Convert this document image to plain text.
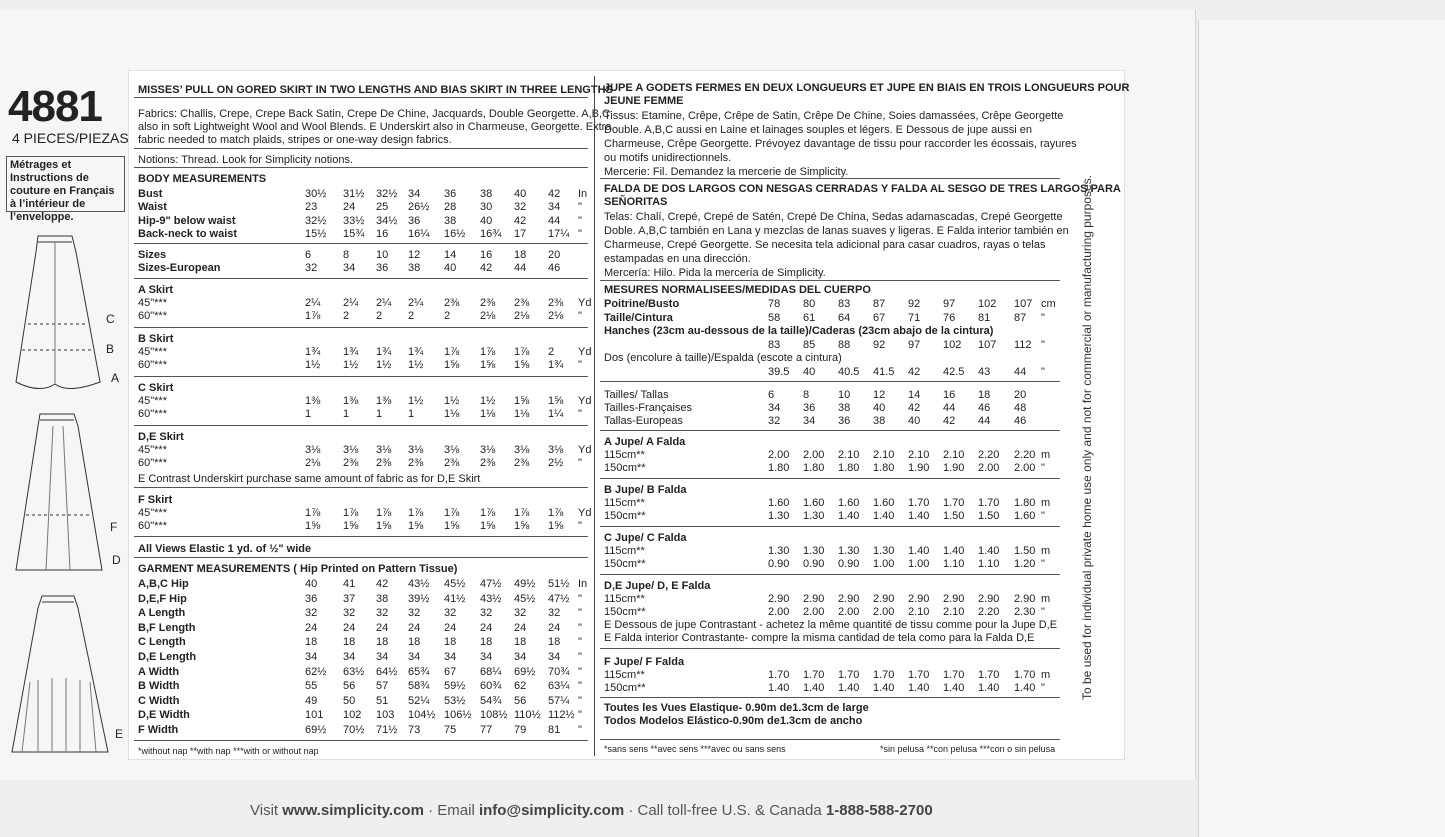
4881
4 PIECES/PIEZAS
Métrages et Instructions de couture en Français à l’intérieur de l’enveloppe.
C
B
A
F
D
E
MISSES’ PULL ON GORED SKIRT IN TWO LENGTHS AND BIAS SKIRT IN THREE LENGTHS
Fabrics: Challis, Crepe, Crepe Back Satin, Crepe De Chine, Jacquards, Double Georgette. A,B,C
also in soft Lightweight Wool and Wool Blends. E Underskirt also in Charmeuse, Georgette. Extra
fabric needed to match plaids, stripes or one-way design fabrics.
Notions: Thread. Look for Simplicity notions.
BODY MEASUREMENTS
E Contrast Underskirt purchase same amount of fabric as for D,E Skirt
All Views Elastic 1 yd. of ½" wide
GARMENT MEASUREMENTS ( Hip Printed on Pattern Tissue)
*without nap **with nap ***with or without nap
JUPE A GODETS FERMES EN DEUX LONGUEURS ET JUPE EN BIAIS EN TROIS LONGUEURS POUR
JEUNE FEMME
Tissus: Etamine, Crêpe, Crêpe de Satin, Crêpe De Chine, Soies damassées, Crêpe Georgette
Double. A,B,C aussi en Laine et lainages souples et légers. E Dessous de jupe aussi en
Charmeuse, Crêpe Georgette. Prévoyez davantage de tissu pour raccorder les écossais, rayures
ou motifs unidirectionnels.
Mercerie: Fil. Demandez la mercerie de Simplicity.
FALDA DE DOS LARGOS CON NESGAS CERRADAS Y FALDA AL SESGO DE TRES LARGOS PARA
SEÑORITAS
Telas: Chalí, Crepé, Crepé de Satén, Crepé De China, Sedas adamascadas, Crepé Georgette
Doble. A,B,C también en Lana y mezclas de lanas suaves y ligeras. E Falda interior también en
Charmeuse, Crepé Georgette. Se necesita tela adicional para casar cuadros, rayas o telas
estampadas en una dirección.
Mercería: Hilo. Pida la mercería de Simplicity.
MESURES NORMALISEES/MEDIDAS DEL CUERPO
E Dessous de jupe Contrastant - achetez la même quantité de tissu comme pour la Jupe D,E
E Falda interior Contrastante- compre la misma cantidad de tela como para la Falda D,E
Toutes les Vues Elastique- 0.90m de1.3cm de large
Todos Modelos Elástico-0.90m de1.3cm de ancho
*sans sens **avec sens ***avec ou sans sens	*sin pelusa **con pelusa ***con o sin pelusa
Bust	30½ 31½ 32½ 34 36 38 40 42 In
Waist	23 24 25 26½ 28 30 32 34 "
Hip-9" below waist	32½ 33½ 34½ 36 38 40 42 44 "
Back-neck to waist	15½ 15¾ 16 16¼ 16½ 16¾ 17 17¼ "
Sizes	6	8 10 12 14 16 18 20
Sizes-European	32 34 36 38 40 42 44 46
A Skirt
45"***	2¼ 2¼ 2¼ 2¼ 2⅜ 2⅜ 2⅜ 2⅜ Yd
60"***	1⅞ 2 2 2	2	2⅛ 2⅛ 2⅛ "
B Skirt
45"***	1¾ 1¾ 1¾ 1¾ 1⅞ 1⅞ 1⅞ 2 Yd
60"***	1½ 1½ 1½ 1½ 1⅝ 1⅝ 1⅝ 1¾ "
C Skirt
45"***	1⅜ 1⅜ 1⅜ 1½ 1½ 1½ 1⅝ 1⅝ Yd
60"***	1	1 1 1	1⅛ 1⅛ 1⅛ 1¼ "
D,E Skirt
45"***	3⅛ 3⅛ 3⅛ 3⅛ 3⅛ 3⅛ 3⅛ 3⅛ Yd
60"***	2⅛ 2⅜ 2⅜ 2⅜ 2⅜ 2⅜ 2⅜ 2½ "
F Skirt
45"***	1⅞ 1⅞ 1⅞ 1⅞ 1⅞ 1⅞ 1⅞ 1⅞ Yd
60"***	1⅝ 1⅝ 1⅝ 1⅝ 1⅝ 1⅝ 1⅝ 1⅝ "
A,B,C Hip	40 41 42 43½ 45½ 47½ 49½ 51½ In
D,E,F Hip	36 37 38 39½ 41½ 43½ 45½ 47½ "
A Length	32 32 32 32 32 32 32 32 "
B,F Length	24 24 24 24 24 24 24 24 "
C Length	18 18 18 18 18 18 18 18 "
D,E Length	34 34 34 34 34 34 34 34 "
A Width	62½ 63½ 64½ 65¾ 67 68¼ 69½ 70¾ "
B Width	55 56 57 58¾ 59½ 60¾ 62 63¼ "
C Width	49 50 51 52¼ 53½ 54¾ 56 57¼ "
D,E Width	101 102 103 104½ 106½ 108½ 110½ 112½ "
F Width	69½ 70½ 71½ 73 75 77 79 81 "
Poitrine/Busto	78 80 83 87 92 97 102 107 cm
Taille/Cintura	58 61 64 67 71 76 81 87 "
Hanches (23cm au-dessous de la taille)/Caderas (23cm abajo de la cintura)
83 85 88 92 97 102 107 112 "
Dos (encolure à taille)/Espalda (escote a cintura)
39.5 40 40.5 41.5 42 42.5 43 44 "
Tailles/ Tallas	6	8	10 12 14 16 18 20
Tailles-Françaises	34 36 38 40 42 44 46 48
Tallas-Europeas	32 34 36 38 40 42 44 46
A Jupe/ A Falda
115cm**	2.00 2.00 2.10 2.10 2.10 2.10 2.20 2.20 m
150cm**	1.80 1.80 1.80 1.80 1.90 1.90 2.00 2.00 "
B Jupe/ B Falda
115cm**	1.60 1.60 1.60 1.60 1.70 1.70 1.70 1.80 m
150cm**	1.30 1.30 1.40 1.40 1.40 1.50 1.50 1.60 "
C Jupe/ C Falda
115cm**	1.30 1.30 1.30 1.30 1.40 1.40 1.40 1.50 m
150cm**	0.90 0.90 0.90 1.00 1.00 1.10 1.10 1.20 "
D,E Jupe/ D, E Falda
115cm**	2.90 2.90 2.90 2.90 2.90 2.90 2.90 2.90 m
150cm**	2.00 2.00 2.00 2.00 2.10 2.10 2.20 2.30 "
F Jupe/ F Falda
115cm**	1.70 1.70 1.70 1.70 1.70 1.70 1.70 1.70 m
150cm**	1.40 1.40 1.40 1.40 1.40 1.40 1.40 1.40 "	To be used for individual private home use only and not for commercial or manufacturing purposes.
Visit www.simplicity.com · Email info@simplicity.com · Call toll-free U.S. & Canada 1-888-588-2700
